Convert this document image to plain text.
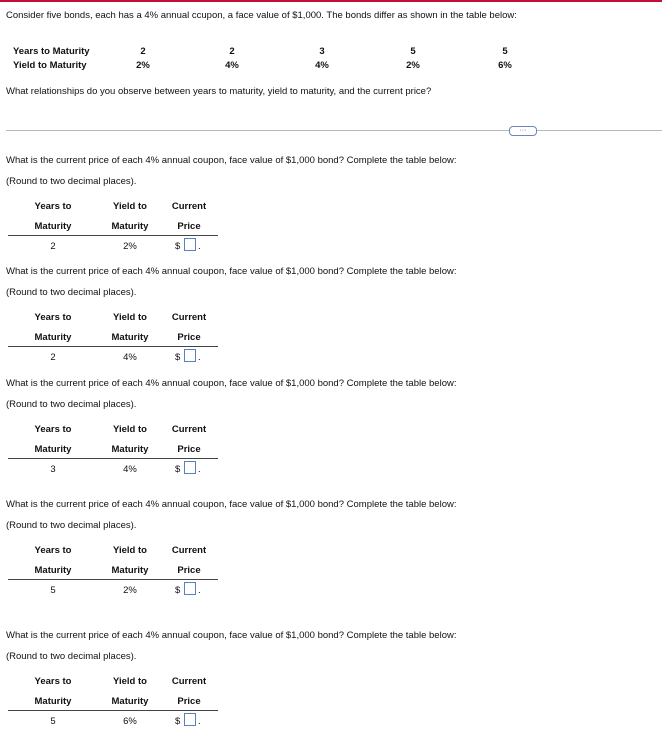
Consider five bonds, each has a 4% annual ccupon, a face value of $1,000. The bonds differ as shown in the table below:
Years to Maturity	2	2	3	5	5
Yield to Maturity	2%	4%	4%	2%	6%
What relationships do you observe between years to maturity, yield to maturity, and the current price?
···
What is the current price of each 4% annual coupon, face value of $1,000 bond? Complete the table below:
(Round to two decimal places).
Years to	Yield to	Current
Maturity	Maturity	Price
2	2%	$ .
What is the current price of each 4% annual coupon, face value of $1,000 bond? Complete the table below:
(Round to two decimal places).
Years to	Yield to	Current
Maturity	Maturity	Price
2	4%	$ .
What is the current price of each 4% annual coupon, face value of $1,000 bond? Complete the table below:
(Round to two decimal places).
Years to	Yield to	Current
Maturity	Maturity	Price
3	4%	$ .
What is the current price of each 4% annual coupon, face value of $1,000 bond? Complete the table below:
(Round to two decimal places).
Years to	Yield to	Current
Maturity	Maturity	Price
5	2%	$ .
What is the current price of each 4% annual coupon, face value of $1,000 bond? Complete the table below:
(Round to two decimal places).
Years to	Yield to	Current
Maturity	Maturity	Price
5	6%	$ .
